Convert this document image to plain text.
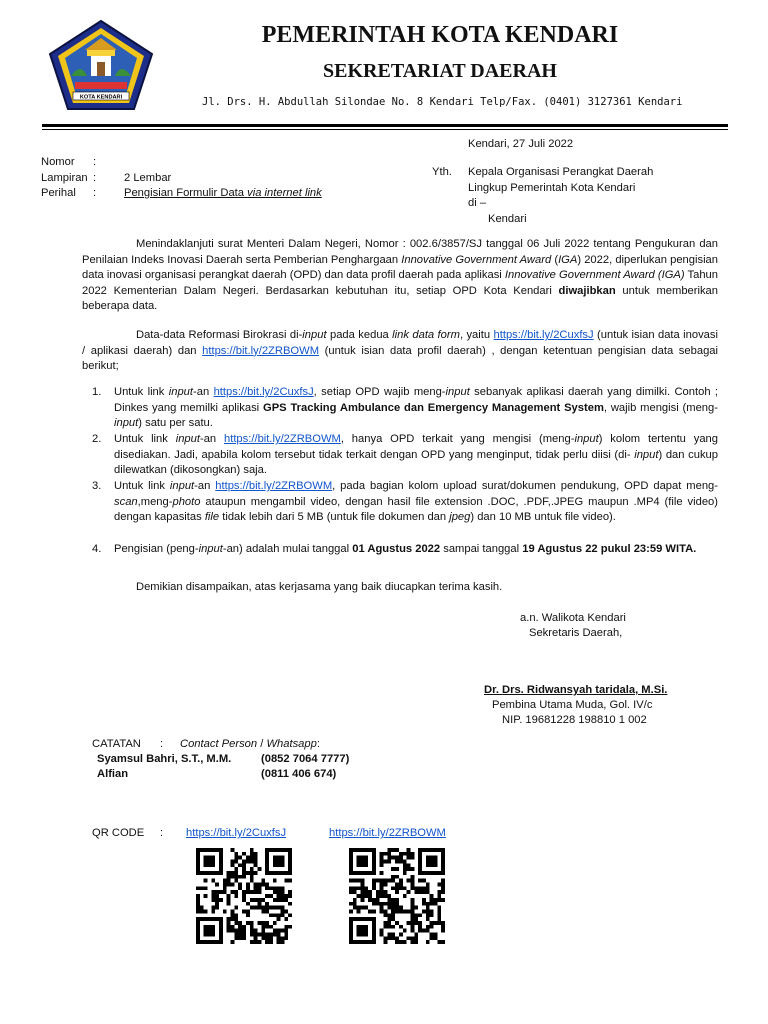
KOTA KENDARI
PEMERINTAH KOTA KENDARI
SEKRETARIAT DAERAH
Jl. Drs. H. Abdullah Silondae No. 8 Kendari Telp/Fax. (0401) 3127361 Kendari
Kendari, 27 Juli 2022
Nomor :
Lampiran : 2 Lembar
Perihal : Pengisian Formulir Data via internet link
Yth. Kepala Organisasi Perangkat Daerah
Lingkup Pemerintah Kota Kendari
di –
Kendari

Menindaklanjuti surat Menteri Dalam Negeri, Nomor : 002.6/3857/SJ tanggal 06 Juli 2022 tentang Pengukuran dan Penilaian Indeks Inovasi Daerah serta Pemberian Penghargaan Innovative Government Award (IGA) 2022, diperlukan pengisian data inovasi organisasi perangkat daerah (OPD) dan data profil daerah pada aplikasi Innovative Government Award (IGA) Tahun 2022 Kementerian Dalam Negeri. Berdasarkan kebutuhan itu, setiap OPD Kota Kendari diwajibkan untuk memberikan beberapa data.

Data-data Reformasi Birokrasi di-input pada kedua link data form, yaitu https://bit.ly/2CuxfsJ (untuk isian data inovasi / aplikasi daerah) dan https://bit.ly/2ZRBOWM (untuk isian data profil daerah) , dengan ketentuan pengisian data sebagai berikut;

1. Untuk link input-an https://bit.ly/2CuxfsJ, setiap OPD wajib meng-input sebanyak aplikasi daerah yang dimilki. Contoh ; Dinkes yang memilki aplikasi GPS Tracking Ambulance dan Emergency Management System, wajib mengisi (meng-input) satu per satu.

2. Untuk link input-an https://bit.ly/2ZRBOWM, hanya OPD terkait yang mengisi (meng-input) kolom tertentu yang disediakan. Jadi, apabila kolom tersebut tidak terkait dengan OPD yang menginput, tidak perlu diisi (di- input) dan cukup dilewatkan (dikosongkan) saja.

3. Untuk link input-an https://bit.ly/2ZRBOWM, pada bagian kolom upload surat/dokumen pendukung, OPD dapat meng-scan,meng-photo ataupun mengambil video, dengan hasil file extension .DOC, .PDF,.JPEG maupun .MP4 (file video) dengan kapasitas file tidak lebih dari 5 MB (untuk file dokumen dan jpeg) dan 10 MB untuk file video).

4. Pengisian (peng-input-an) adalah mulai tanggal 01 Agustus 2022 sampai tanggal 19 Agustus 22 pukul 23:59 WITA.

Demikian disampaikan, atas kerjasama yang baik diucapkan terima kasih.
a.n. Walikota Kendari
Sekretaris Daerah,
Dr. Drs. Ridwansyah taridala, M.Si.
Pembina Utama Muda, Gol. IV/c
NIP. 19681228 198810 1 002
CATATAN : Contact Person / Whatsapp:
Syamsul Bahri, S.T., M.M.	(0852 7064 7777)
Alfian	(0811 406 674)
QR CODE : https://bit.ly/2CuxfsJ	https://bit.ly/2ZRBOWM
